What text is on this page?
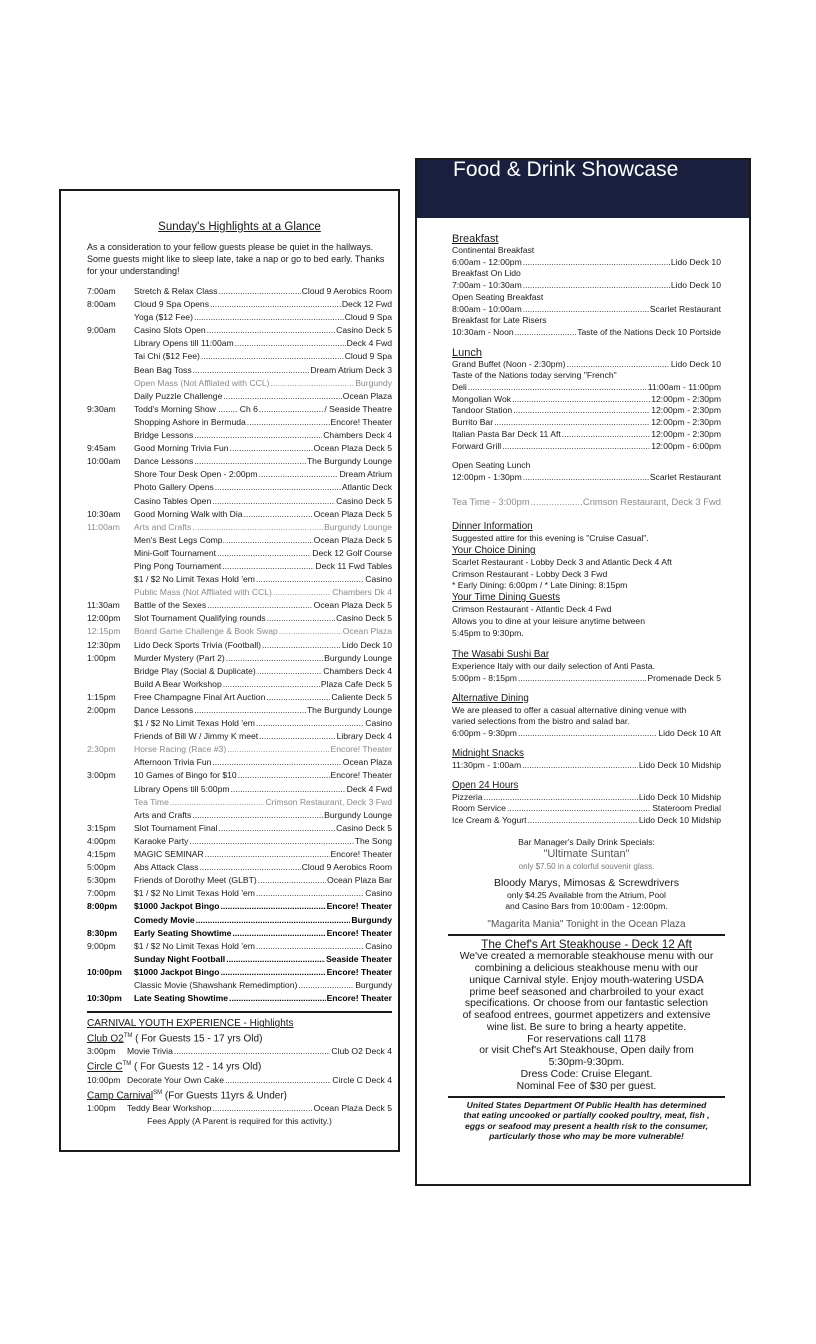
Sunday's Highlights at a Glance
As a consideration to your fellow guests please be quiet in the hallways. Some guests might like to sleep late, take a nap or go to bed early. Thanks for your understanding!
7:00am	Stretch & Relax Class .....	Cloud 9 Aerobics Room
8:00am	Cloud 9 Spa Opens .....	Deck 12 Fwd
Yoga ($12 Fee) .....	Cloud 9 Spa
9:00am	Casino Slots Open .....	Casino Deck 5
Library Opens till 11:00am .....	Deck 4 Fwd
Tai Chi ($12 Fee) .....	Cloud 9 Spa
Bean Bag Toss .....	Dream Atrium Deck 3
Open Mass (Not Affliated with CCL) .....	Burgundy
Daily Puzzle Challenge .....	Ocean Plaza
9:30am	Todd's Morning Show ........ Ch 6 .....	/ Seaside Theatre
Shopping Ashore in Bermuda .....	Encore! Theater
Bridge Lessons .....	Chambers Deck 4
9:45am	Good Morning Trivia Fun .....	Ocean Plaza Deck 5
10:00am	Dance Lessons .....	The Burgundy Lounge
Shore Tour Desk Open - 2:00pm .....	Dream Atrium
Photo Gallery Opens .....	Atlantic Deck
Casino Tables Open .....	Casino Deck 5
10:30am	Good Morning Walk with Dia .....	Ocean Plaza Deck 5
11:00am	Arts and Crafts .....	Burgundy Lounge
Men's Best Legs Comp. .....	Ocean Plaza Deck 5
Mini-Golf Tournament .....	Deck 12 Golf Course
Ping Pong Tournament .....	Deck 11 Fwd Tables
$1 / $2 No Limit Texas Hold 'em .....	Casino
Public Mass (Not Affliated with CCL) .....	Chambers Dk 4
11:30am	Battle of the Sexes .....	Ocean Plaza Deck 5
12:00pm	Slot Tournament Qualifying rounds .....	Casino Deck 5
12:15pm	Board Game Challenge & Book Swap .....	Ocean Plaza
12:30pm	Lido Deck Sports Trivia (Football) .....	Lido Deck 10
1:00pm	Murder Mystery (Part 2) .....	Burgundy Lounge
Bridge Play (Social & Duplicate) .....	Chambers Deck 4
Build A Bear Workshop .....	Plaza Cafe Deck 5
1:15pm	Free Champagne Final Art Auction .....	Caliente Deck 5
2:00pm	Dance Lessons .....	The Burgundy Lounge
$1 / $2 No Limit Texas Hold 'em .....	Casino
Friends of Bill W / Jimmy K meet .....	Library Deck 4
2:30pm	Horse Racing (Race #3) .....	Encore! Theater
Afternoon Trivia Fun .....	Ocean Plaza
3:00pm	10 Games of Bingo for $10 .....	Encore! Theater
Library Opens till 5:00pm .....	Deck 4 Fwd
Tea Time .....	Crimson Restaurant, Deck 3 Fwd
Arts and Crafts .....	Burgundy Lounge
3:15pm	Slot Tournament Final .....	Casino Deck 5
4:00pm	Karaoke Party .....	The Song
4:15pm	MAGIC SEMINAR .....	Encore! Theater
5:00pm	Abs Attack Class .....	Cloud 9 Aerobics Room
5:30pm	Friends of Dorothy Meet (GLBT) .....	Ocean Plaza Bar
7:00pm	$1 / $2 No Limit Texas Hold 'em .....	Casino
8:00pm	$1000 Jackpot Bingo .....	Encore! Theater
Comedy Movie .....	Burgundy
8:30pm	Early Seating Showtime .....	Encore! Theater
9:00pm	$1 / $2 No Limit Texas Hold 'em .....	Casino
Sunday Night Football .....	Seaside Theater
10:00pm	$1000 Jackpot Bingo .....	Encore! Theater
Classic Movie (Shawshank Remedimption) .....	Burgundy
10:30pm	Late Seating Showtime .....	Encore! Theater
CARNIVAL YOUTH EXPERIENCE - Highlights
Club O2™ ( For Guests 15 - 17 yrs Old)
3:00pm	Movie Trivia .....	Club O2 Deck 4
Circle C™ ( For Guests 12 - 14 yrs Old)
10:00pm Decorate Your Own Cake .....	Circle C Deck 4
Camp Carnival℠ (For Guests 11yrs & Under)
1:00pm	Teddy Bear Workshop .....	Ocean Plaza Deck 5
Fees Apply (A Parent is required for this activity.)
Food & Drink Showcase
Breakfast
Continental Breakfast
6:00am - 12:00pm .....	Lido Deck 10
Breakfast On Lido
7:00am - 10:30am .....	Lido Deck 10
Open Seating Breakfast
8:00am - 10:00am .....	Scarlet Restaurant
Breakfast for Late Risers
10:30am - Noon .....	Taste of the Nations Deck 10 Portside
Lunch
Grand Buffet (Noon - 2:30pm) .....	Lido Deck 10
Taste of the Nations today serving "French"
Deli .....	11:00am - 11:00pm
Mongolian Wok .....	12:00pm - 2:30pm
Tandoor Station .....	12:00pm - 2:30pm
Burrito Bar .....	12:00pm - 2:30pm
Italian Pasta Bar Deck 11 Aft .....	12:00pm - 2:30pm
Forward Grill .....	12:00pm - 6:00pm
Open Seating Lunch
12:00pm - 1:30pm .....	Scarlet Restaurant
Tea Time - 3:00pm .....	Crimson Restaurant, Deck 3 Fwd
Dinner Information
Suggested attire for this evening is "Cruise Casual".
Your Choice Dining
Scarlet Restaurant - Lobby Deck 3 and Atlantic Deck 4 Aft
Crimson Restaurant - Lobby Deck 3 Fwd
* Early Dining: 6:00pm / * Late Dining: 8:15pm
Your Time Dining Guests
Crimson Restaurant - Atlantic Deck 4 Fwd
Allows you to dine at your leisure anytime between
5:45pm to 9:30pm.
The Wasabi Sushi Bar
Experience Italy with our daily selection of Anti Pasta.
5:00pm - 8:15pm .....	Promenade Deck 5
Alternative Dining
We are pleased to offer a casual alternative dining venue with
varied selections from the bistro and salad bar.
6:00pm - 9:30pm .....	Lido Deck 10 Aft
Midnight Snacks
11:30pm - 1:00am .....	Lido Deck 10 Midship
Open 24 Hours
Pizzeria .....	Lido Deck 10 Midship
Room Service .....	Stateroom Predial
Ice Cream & Yogurt .....	Lido Deck 10 Midship
Bar Manager's Daily Drink Specials:
"Ultimate Suntan"
only $7.50 in a colorful souvenir glass.
Bloody Marys, Mimosas & Screwdrivers
only $4.25 Available from the Atrium, Pool
and Casino Bars from 10:00am - 12:00pm.
"Magarita Mania" Tonight in the Ocean Plaza
The Chef's Art Steakhouse - Deck 12 Aft
We've created a memorable steakhouse menu with our
combining a delicious steakhouse menu with our
unique Carnival style. Enjoy mouth-watering USDA
prime beef seasoned and charbroiled to your exact
specifications. Or choose from our fantastic selection
of seafood entrees, gourmet appetizers and extensive
wine list. Be sure to bring a hearty appetite.
For reservations call 1178
or visit Chef's Art Steakhouse, Open daily from
5:30pm-9:30pm.
Dress Code: Cruise Elegant.
Nominal Fee of $30 per guest.
United States Department Of Public Health has determined
that eating uncooked or partially cooked poultry, meat, fish ,
eggs or seafood may present a health risk to the consumer,
particularly those who may be more vulnerable!
